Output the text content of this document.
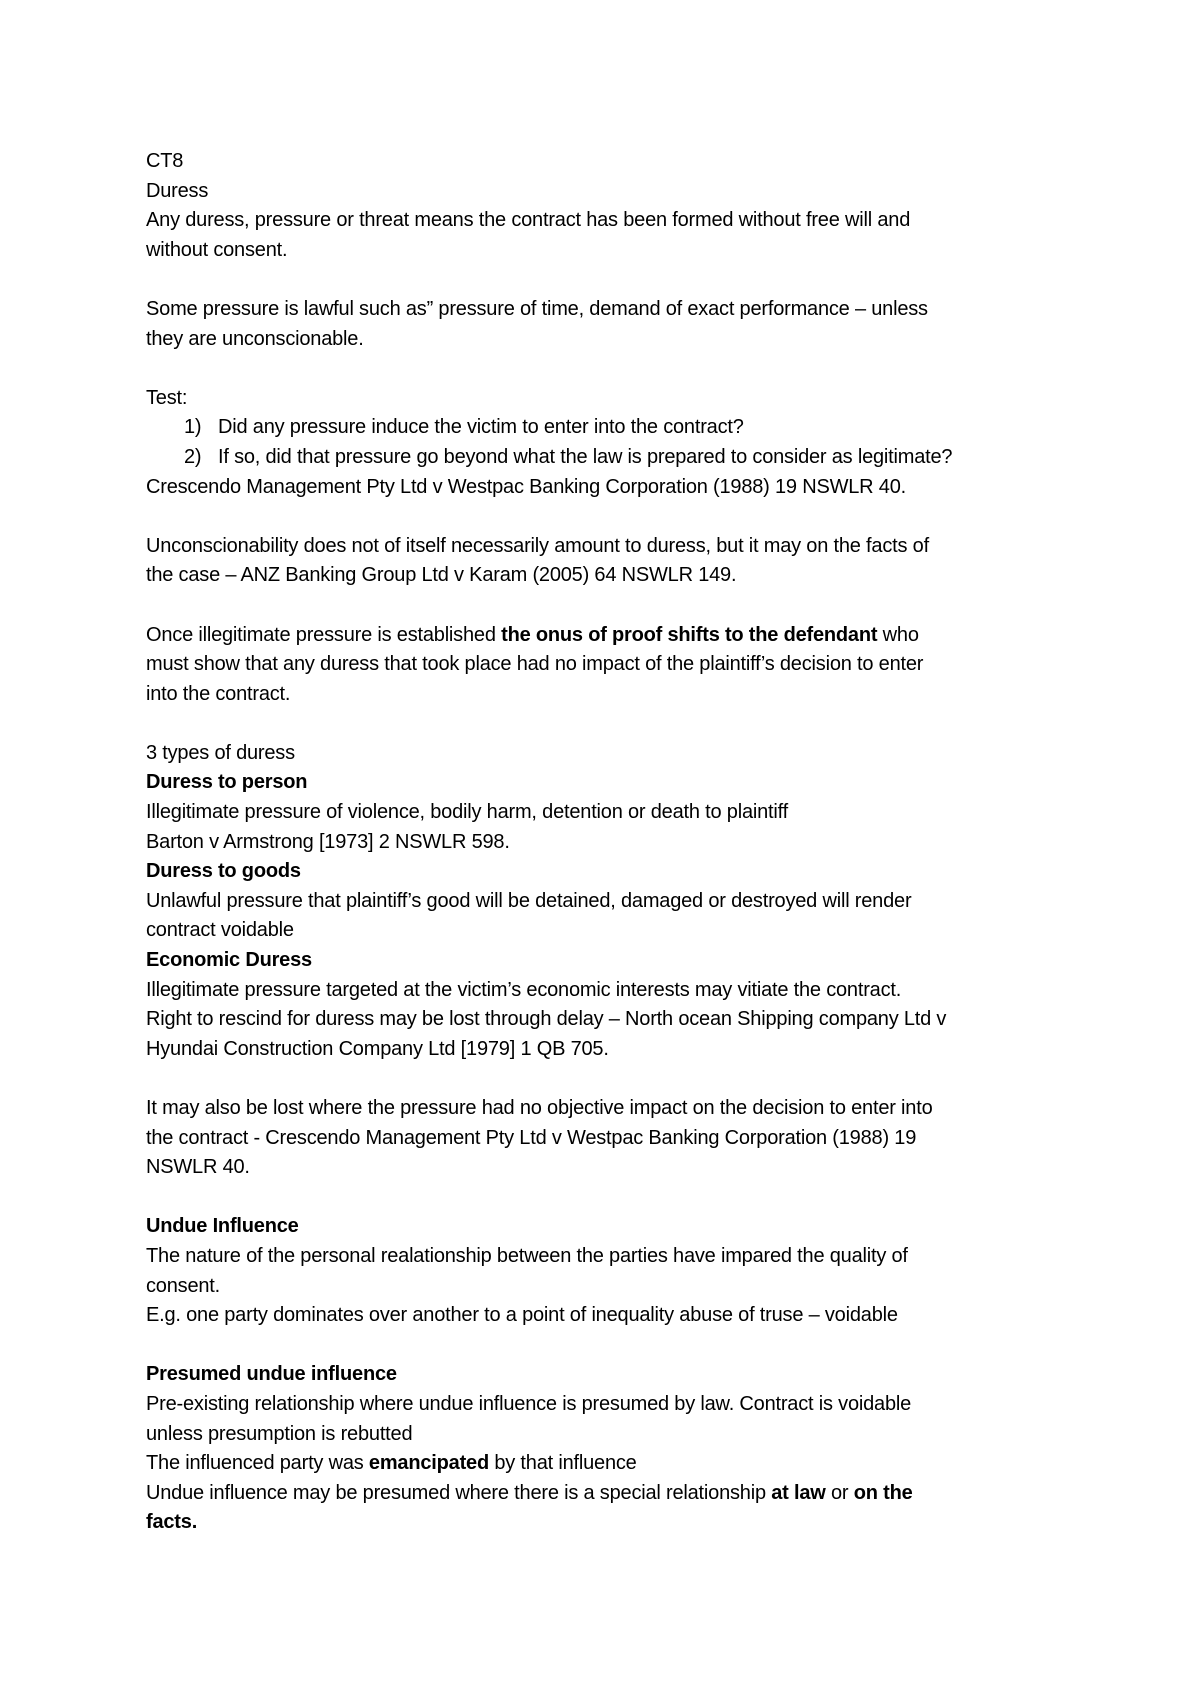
CT8
Duress
Any duress, pressure or threat means the contract has been formed without free will and
without consent.
Some pressure is lawful such as” pressure of time, demand of exact performance – unless
they are unconscionable.
Test:
1) Did any pressure induce the victim to enter into the contract?
2) If so, did that pressure go beyond what the law is prepared to consider as legitimate?
Crescendo Management Pty Ltd v Westpac Banking Corporation (1988) 19 NSWLR 40.
Unconscionability does not of itself necessarily amount to duress, but it may on the facts of
the case – ANZ Banking Group Ltd v Karam (2005) 64 NSWLR 149.
Once illegitimate pressure is established the onus of proof shifts to the defendant who
must show that any duress that took place had no impact of the plaintiff’s decision to enter
into the contract.
3 types of duress
Duress to person
Illegitimate pressure of violence, bodily harm, detention or death to plaintiff
Barton v Armstrong [1973] 2 NSWLR 598.
Duress to goods
Unlawful pressure that plaintiff’s good will be detained, damaged or destroyed will render
contract voidable
Economic Duress
Illegitimate pressure targeted at the victim’s economic interests may vitiate the contract.
Right to rescind for duress may be lost through delay – North ocean Shipping company Ltd v
Hyundai Construction Company Ltd [1979] 1 QB 705.
It may also be lost where the pressure had no objective impact on the decision to enter into
the contract - Crescendo Management Pty Ltd v Westpac Banking Corporation (1988) 19
NSWLR 40.
Undue Influence
The nature of the personal realationship between the parties have impared the quality of
consent.
E.g. one party dominates over another to a point of inequality abuse of truse – voidable
Presumed undue influence
Pre-existing relationship where undue influence is presumed by law. Contract is voidable
unless presumption is rebutted
The influenced party was emancipated by that influence
Undue influence may be presumed where there is a special relationship at law or on the
facts.
